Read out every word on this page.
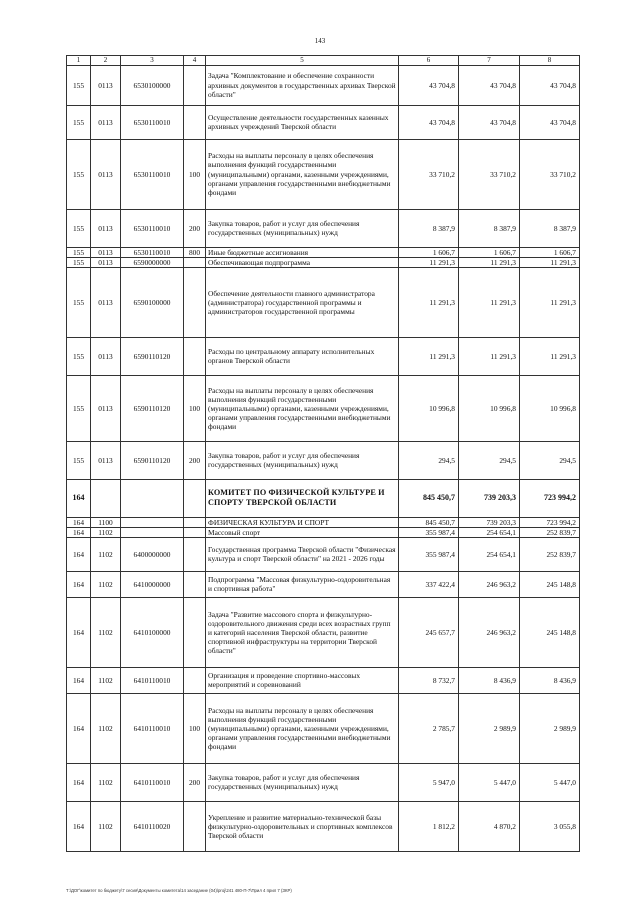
143
1	2	3	4	5	6	7	8
155	0113	6530100000		Задача "Комплектование и обеспечение сохранности архивных документов в государственных архивах Тверской области"	43 704,8	43 704,8	43 704,8
155	0113	6530110010		Осуществление деятельности государственных казенных архивных учреждений Тверской области	43 704,8	43 704,8	43 704,8
155	0113	6530110010	100	Расходы на выплаты персоналу в целях обеспечения выполнения функций государственными (муниципальными) органами, казенными учреждениями, органами управления государственными внебюджетными фондами	33 710,2	33 710,2	33 710,2
155	0113	6530110010	200	Закупка товаров, работ и услуг для обеспечения государственных (муниципальных) нужд	8 387,9	8 387,9	8 387,9
155	0113	6530110010	800	Иные бюджетные ассигнования	1 606,7	1 606,7	1 606,7
155	0113	6590000000		Обеспечивающая подпрограмма	11 291,3	11 291,3	11 291,3
155	0113	6590100000		Обеспечение деятельности главного администратора (администратора) государственной программы и администраторов государственной программы	11 291,3	11 291,3	11 291,3
155	0113	6590110120		Расходы по центральному аппарату исполнительных органов Тверской области	11 291,3	11 291,3	11 291,3
155	0113	6590110120	100	Расходы на выплаты персоналу в целях обеспечения выполнения функций государственными (муниципальными) органами, казенными учреждениями, органами управления государственными внебюджетными фондами	10 996,8	10 996,8	10 996,8
155	0113	6590110120	200	Закупка товаров, работ и услуг для обеспечения государственных (муниципальных) нужд	294,5	294,5	294,5
164				КОМИТЕТ ПО ФИЗИЧЕСКОЙ КУЛЬТУРЕ И СПОРТУ ТВЕРСКОЙ ОБЛАСТИ	845 450,7	739 203,3	723 994,2
164	1100			ФИЗИЧЕСКАЯ КУЛЬТУРА И СПОРТ	845 450,7	739 203,3	723 994,2
164	1102			Массовый спорт	355 987,4	254 654,1	252 839,7
164	1102	6400000000		Государственная программа Тверской области "Физическая культура и спорт Тверской области" на 2021 - 2026 годы	355 987,4	254 654,1	252 839,7
164	1102	6410000000		Подпрограмма "Массовая физкультурно-оздоровительная и спортивная работа"	337 422,4	246 963,2	245 148,8
164	1102	6410100000		Задача "Развитие массового спорта и физкультурно-оздоровительного движения среди всех возрастных групп и категорий населения Тверской области, развитие спортивной инфраструктуры на территории Тверской области"	245 657,7	246 963,2	245 148,8
164	1102	6410110010		Организация и проведение спортивно-массовых мероприятий и соревнований	8 732,7	8 436,9	8 436,9
164	1102	6410110010	100	Расходы на выплаты персоналу в целях обеспечения выполнения функций государственными (муниципальными) органами, казенными учреждениями, органами управления государственными внебюджетными фондами	2 785,7	2 989,9	2 989,9
164	1102	6410110010	200	Закупка товаров, работ и услуг для обеспечения государственных (муниципальных) нужд	5 947,0	5 447,0	5 447,0
164	1102	6410110020		Укрепление и развитие материально-технической базы физкультурно-оздоровительных и спортивных комплексов Тверской области	1 812,2	4 870,2	3 055,8
Т:\ДОГ\комитет по бюджету\7 сесия\Документы комитета\14 заседание (04)\proj\241 480-П-7\Прил 4 прил 7 (ЗКР)
